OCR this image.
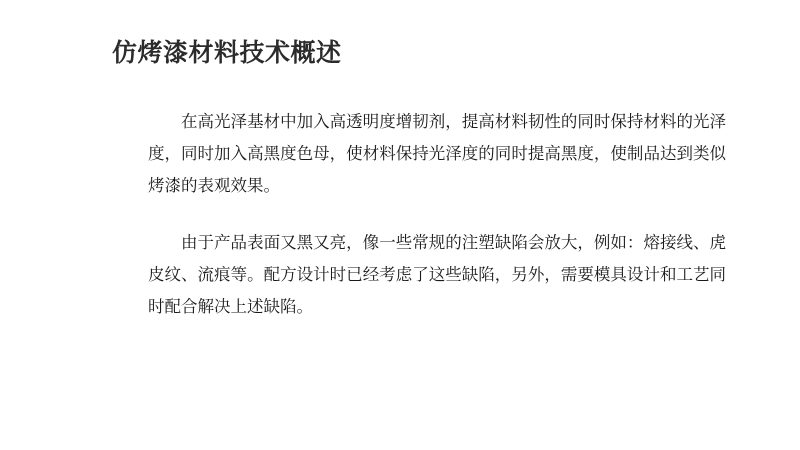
仿烤漆材料技术概述

在高光泽基材中加入高透明度增韧剂，提高材料韧性的同时保持材料的光泽度，同时加入高黑度色母，使材料保持光泽度的同时提高黑度，使制品达到类似烤漆的表观效果。

由于产品表面又黑又亮，像一些常规的注塑缺陷会放大，例如：熔接线、虎皮纹、流痕等。配方设计时已经考虑了这些缺陷，另外，需要模具设计和工艺同时配合解决上述缺陷。
